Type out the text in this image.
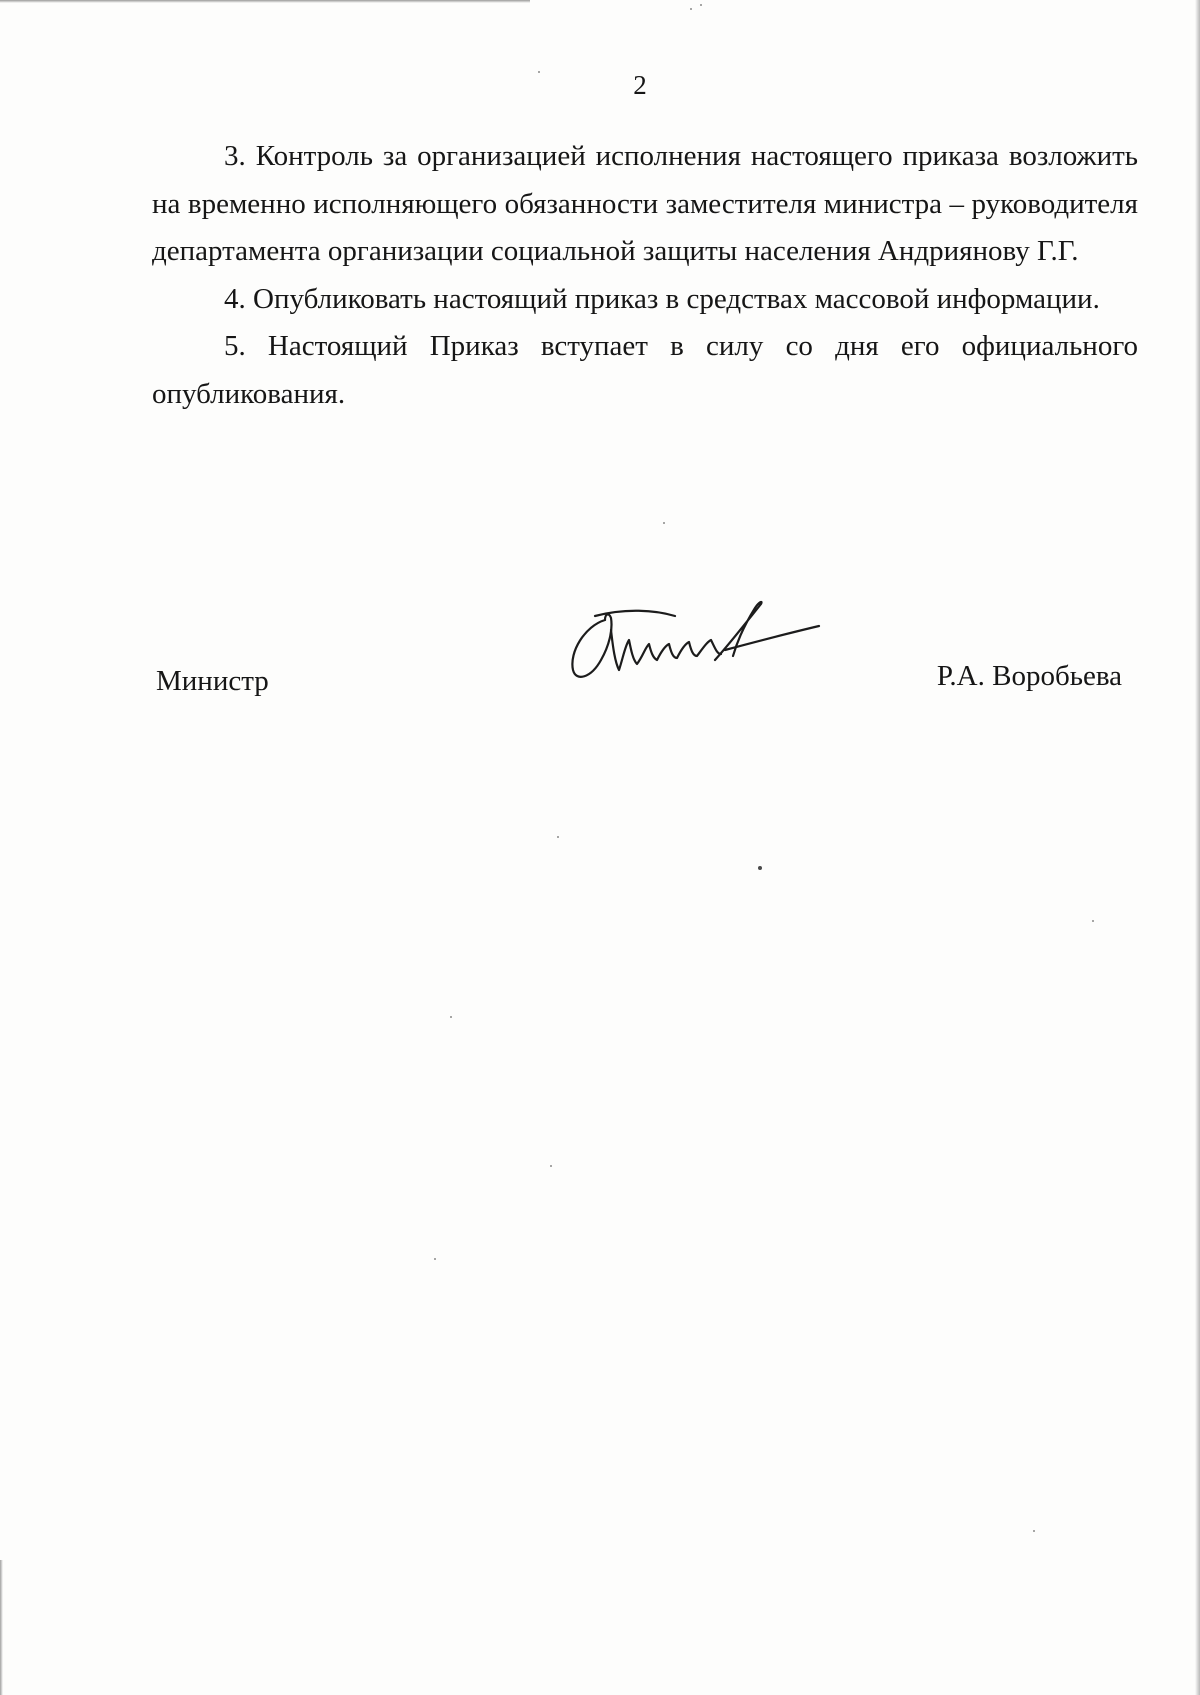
2

3. Контроль за организацией исполнения настоящего приказа возложить на временно исполняющего обязанности заместителя министра – руководителя департамента организации социальной защиты населения Андриянову Г.Г.

4. Опубликовать настоящий приказ в средствах массовой информации.

5. Настоящий Приказ вступает в силу со дня его официального опубликования.

Министр	Р.А. Воробьева
